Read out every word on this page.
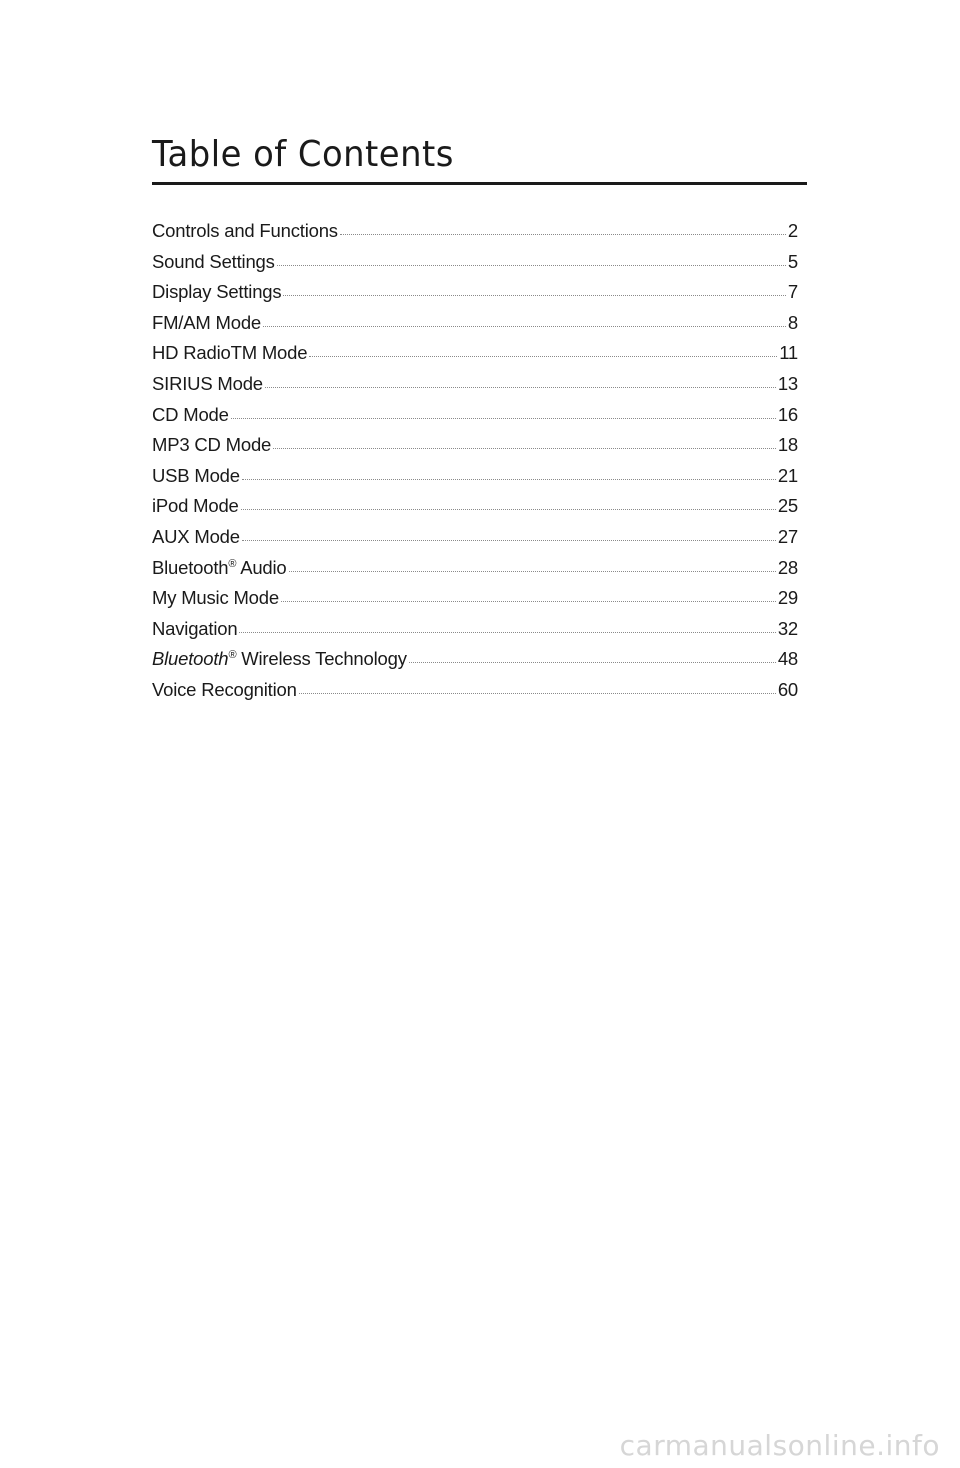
Table of Contents
Controls and Functions	2
Sound Settings	5
Display Settings	7
FM/AM Mode	8
HD RadioTM Mode	11
SIRIUS Mode	13
CD Mode	16
MP3 CD Mode	18
USB Mode	21
iPod Mode	25
AUX Mode	27
Bluetooth® Audio	28
My Music Mode	29
Navigation	32
Bluetooth® Wireless Technology	48
Voice Recognition	60
carmanualsonline.info
